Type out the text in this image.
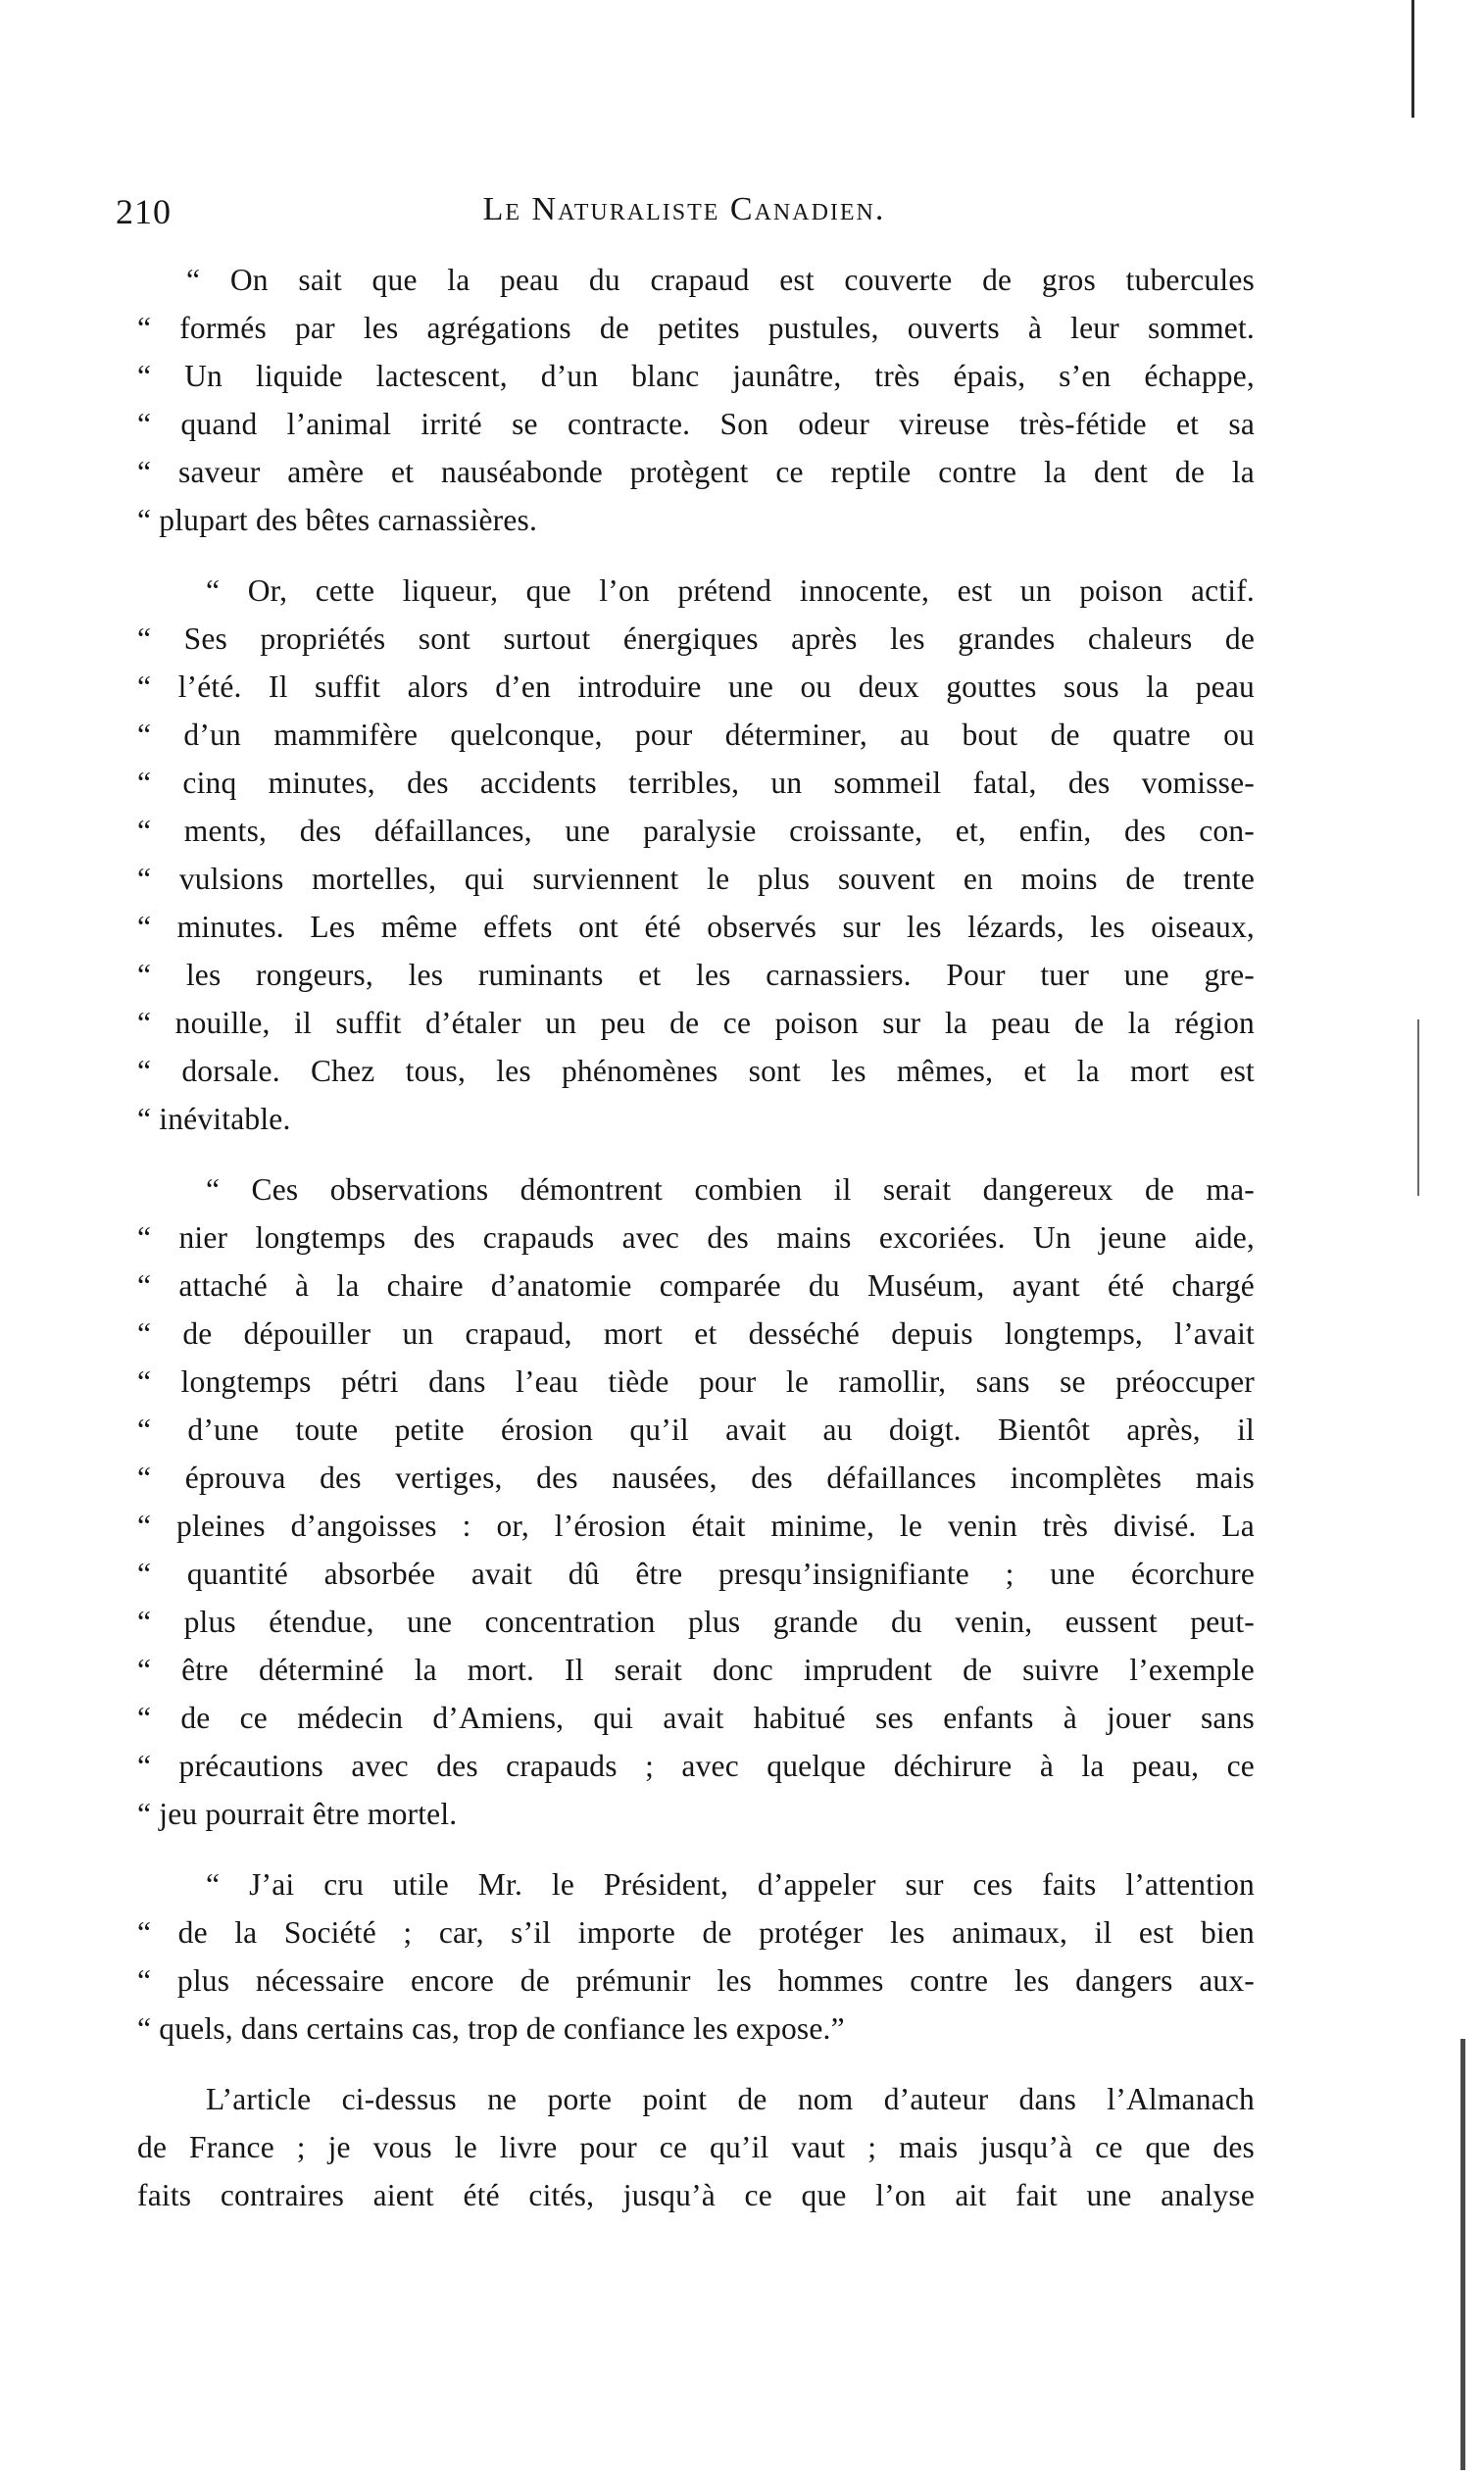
210	Le Naturaliste Canadien.
“ On sait que la peau du crapaud est couverte de gros tubercules
“ formés par les agrégations de petites pustules, ouverts à leur sommet.
“ Un liquide lactescent, d’un blanc jaunâtre, très épais, s’en échappe,
“ quand l’animal irrité se contracte. Son odeur vireuse très-fétide et sa
“ saveur amère et nauséabonde protègent ce reptile contre la dent de la
“ plupart des bêtes carnassières.
“ Or, cette liqueur, que l’on prétend innocente, est un poison actif.
“ Ses propriétés sont surtout énergiques après les grandes chaleurs de
“ l’été. Il suffit alors d’en introduire une ou deux gouttes sous la peau
“ d’un mammifère quelconque, pour déterminer, au bout de quatre ou
“ cinq minutes, des accidents terribles, un sommeil fatal, des vomisse-
“ ments, des défaillances, une paralysie croissante, et, enfin, des con-
“ vulsions mortelles, qui surviennent le plus souvent en moins de trente
“ minutes. Les même effets ont été observés sur les lézards, les oiseaux,
“ les rongeurs, les ruminants et les carnassiers. Pour tuer une gre-
“ nouille, il suffit d’étaler un peu de ce poison sur la peau de la région
“ dorsale. Chez tous, les phénomènes sont les mêmes, et la mort est
“ inévitable.
“ Ces observations démontrent combien il serait dangereux de ma-
“ nier longtemps des crapauds avec des mains excoriées. Un jeune aide,
“ attaché à la chaire d’anatomie comparée du Muséum, ayant été chargé
“ de dépouiller un crapaud, mort et desséché depuis longtemps, l’avait
“ longtemps pétri dans l’eau tiède pour le ramollir, sans se préoccuper
“ d’une toute petite érosion qu’il avait au doigt. Bientôt après, il
“ éprouva des vertiges, des nausées, des défaillances incomplètes mais
“ pleines d’angoisses : or, l’érosion était minime, le venin très divisé. La
“ quantité absorbée avait dû être presqu’insignifiante ; une écorchure
“ plus étendue, une concentration plus grande du venin, eussent peut-
“ être déterminé la mort. Il serait donc imprudent de suivre l’exemple
“ de ce médecin d’Amiens, qui avait habitué ses enfants à jouer sans
“ précautions avec des crapauds ; avec quelque déchirure à la peau, ce
“ jeu pourrait être mortel.
“ J’ai cru utile Mr. le Président, d’appeler sur ces faits l’attention
“ de la Société ; car, s’il importe de protéger les animaux, il est bien
“ plus nécessaire encore de prémunir les hommes contre les dangers aux-
“ quels, dans certains cas, trop de confiance les expose.”
L’article ci-dessus ne porte point de nom d’auteur dans l’Almanach
de France ; je vous le livre pour ce qu’il vaut ; mais jusqu’à ce que des
faits contraires aient été cités, jusqu’à ce que l’on ait fait une analyse
